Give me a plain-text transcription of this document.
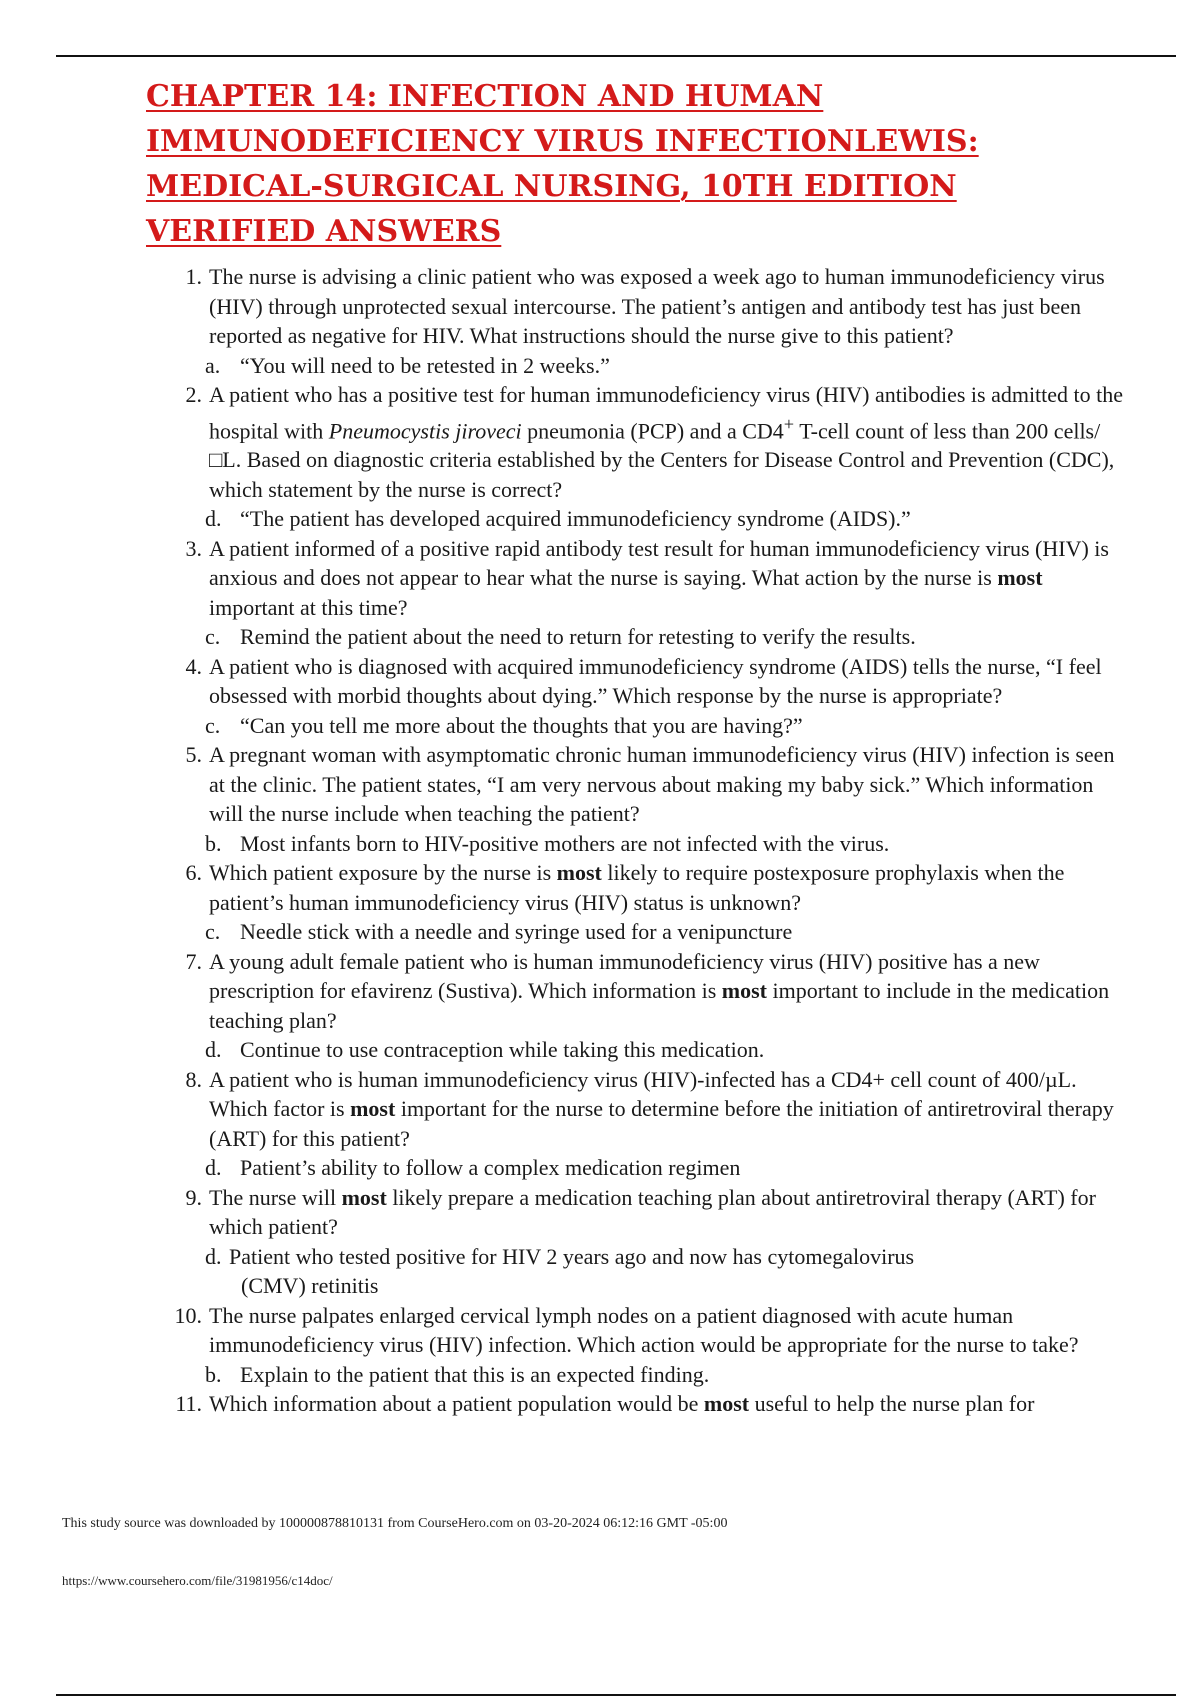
CHAPTER 14: INFECTION AND HUMAN IMMUNODEFICIENCY VIRUS INFECTIONLEWIS: MEDICAL-SURGICAL NURSING, 10TH EDITION VERIFIED ANSWERS
1. The nurse is advising a clinic patient who was exposed a week ago to human immunodeficiency virus (HIV) through unprotected sexual intercourse. The patient’s antigen and antibody test has just been reported as negative for HIV. What instructions should the nurse give to this patient?
a. “You will need to be retested in 2 weeks.”
2. A patient who has a positive test for human immunodeficiency virus (HIV) antibodies is admitted to the hospital with Pneumocystis jiroveci pneumonia (PCP) and a CD4+ T-cell count of less than 200 cells/□L. Based on diagnostic criteria established by the Centers for Disease Control and Prevention (CDC), which statement by the nurse is correct?
d. “The patient has developed acquired immunodeficiency syndrome (AIDS).”
3. A patient informed of a positive rapid antibody test result for human immunodeficiency virus (HIV) is anxious and does not appear to hear what the nurse is saying. What action by the nurse is most important at this time?
c. Remind the patient about the need to return for retesting to verify the results.
4. A patient who is diagnosed with acquired immunodeficiency syndrome (AIDS) tells the nurse, “I feel obsessed with morbid thoughts about dying.” Which response by the nurse is appropriate?
c. “Can you tell me more about the thoughts that you are having?”
5. A pregnant woman with asymptomatic chronic human immunodeficiency virus (HIV) infection is seen at the clinic. The patient states, “I am very nervous about making my baby sick.” Which information will the nurse include when teaching the patient?
b. Most infants born to HIV-positive mothers are not infected with the virus.
6. Which patient exposure by the nurse is most likely to require postexposure prophylaxis when the patient’s human immunodeficiency virus (HIV) status is unknown?
c. Needle stick with a needle and syringe used for a venipuncture
7. A young adult female patient who is human immunodeficiency virus (HIV) positive has a new prescription for efavirenz (Sustiva). Which information is most important to include in the medication teaching plan?
d. Continue to use contraception while taking this medication.
8. A patient who is human immunodeficiency virus (HIV)-infected has a CD4+ cell count of 400/µL. Which factor is most important for the nurse to determine before the initiation of antiretroviral therapy (ART) for this patient?
d. Patient’s ability to follow a complex medication regimen
9. The nurse will most likely prepare a medication teaching plan about antiretroviral therapy (ART) for which patient?
d. Patient who tested positive for HIV 2 years ago and now has cytomegalovirus
(CMV) retinitis
10. The nurse palpates enlarged cervical lymph nodes on a patient diagnosed with acute human immunodeficiency virus (HIV) infection. Which action would be appropriate for the nurse to take?
b. Explain to the patient that this is an expected finding.
11. Which information about a patient population would be most useful to help the nurse plan for
This study source was downloaded by 100000878810131 from CourseHero.com on 03-20-2024 06:12:16 GMT -05:00
https://www.coursehero.com/file/31981956/c14doc/
